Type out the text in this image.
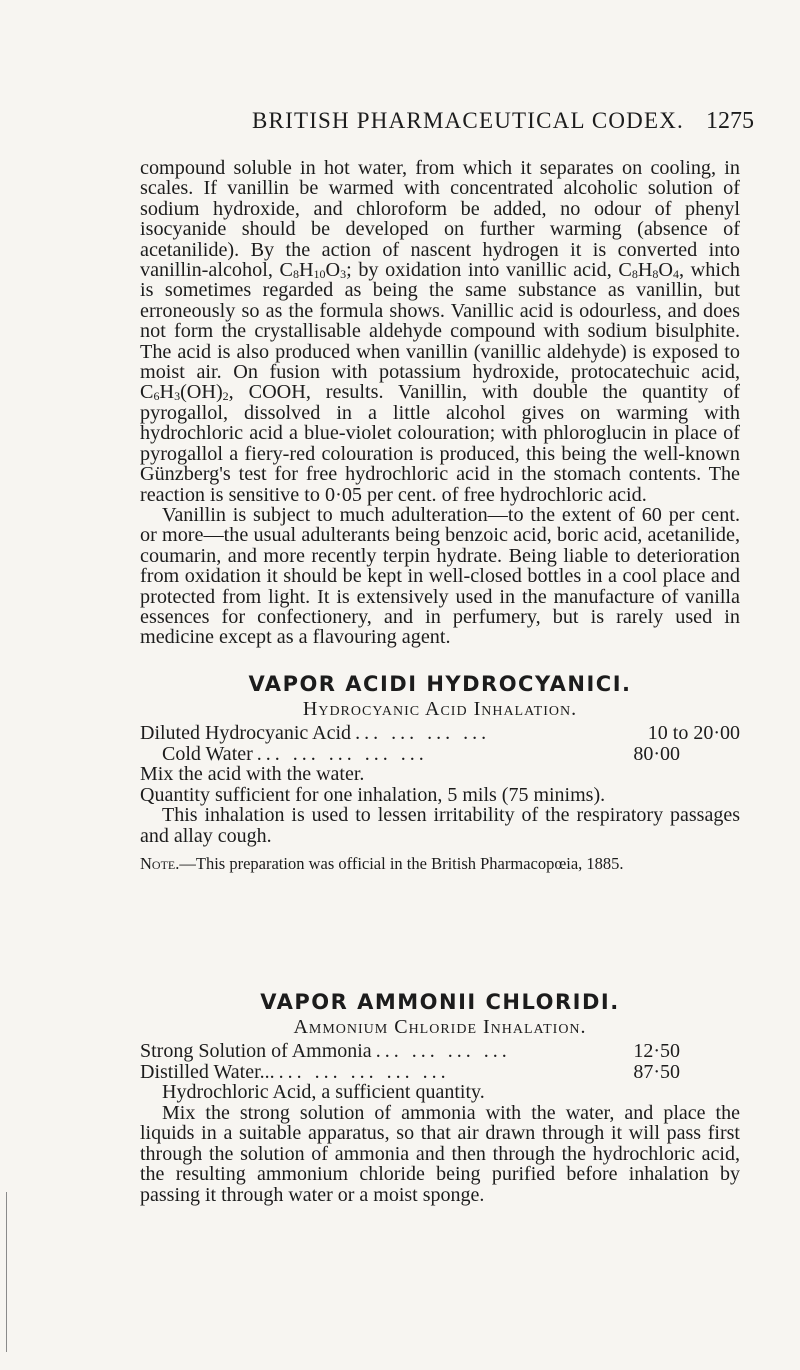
BRITISH PHARMACEUTICAL CODEX. 1275

compound soluble in hot water, from which it separates on cooling, in scales. If vanillin be warmed with concentrated alcoholic solution of sodium hydroxide, and chloroform be added, no odour of phenyl isocyanide should be developed on further warming (absence of acetanilide). By the action of nascent hydrogen it is converted into vanillin-alcohol, $C_8H_{10}O_3$; by oxidation into vanillic acid, $C_8H_8O_4$, which is sometimes regarded as being the same substance as vanillin, but erroneously so as the formula shows. Vanillic acid is odourless, and does not form the crystallisable aldehyde compound with sodium bisulphite. The acid is also produced when vanillin (vanillic aldehyde) is exposed to moist air. On fusion with potassium hydroxide, protocatechuic acid, $C_6H_3(OH)_2$, COOH, results. Vanillin, with double the quantity of pyrogallol, dissolved in a little alcohol gives on warming with hydrochloric acid a blue-violet colouration; with phloroglucin in place of pyrogallol a fiery-red colouration is produced, this being the well-known Günzberg's test for free hydrochloric acid in the stomach contents. The reaction is sensitive to 0·05 per cent. of free hydrochloric acid.

Vanillin is subject to much adulteration—to the extent of 60 per cent. or more—the usual adulterants being benzoic acid, boric acid, acetanilide, coumarin, and more recently terpin hydrate. Being liable to deterioration from oxidation it should be kept in well-closed bottles in a cool place and protected from light. It is extensively used in the manufacture of vanilla essences for confectionery, and in perfumery, but is rarely used in medicine except as a flavouring agent.

VAPOR ACIDI HYDROCYANICI.
Hydrocyanic Acid Inhalation.
Diluted Hydrocyanic Acid ... ... ... ...	10 to 20·00
Cold Water ... ... ... ... ...	80·00

Mix the acid with the water.

Quantity sufficient for one inhalation, 5 mils (75 minims).

This inhalation is used to lessen irritability of the respiratory passages and allay cough.

Note.—This preparation was official in the British Pharmacopœia, 1885.

VAPOR AMMONII CHLORIDI.
Ammonium Chloride Inhalation.
Strong Solution of Ammonia ... ... ... ...	12·50
Distilled Water... ... ... ... ... ...	87·50
Hydrochloric Acid, a sufficient quantity.

Mix the strong solution of ammonia with the water, and place the liquids in a suitable apparatus, so that air drawn through it will pass first through the solution of ammonia and then through the hydrochloric acid, the resulting ammonium chloride being purified before inhalation by passing it through water or a moist sponge.
